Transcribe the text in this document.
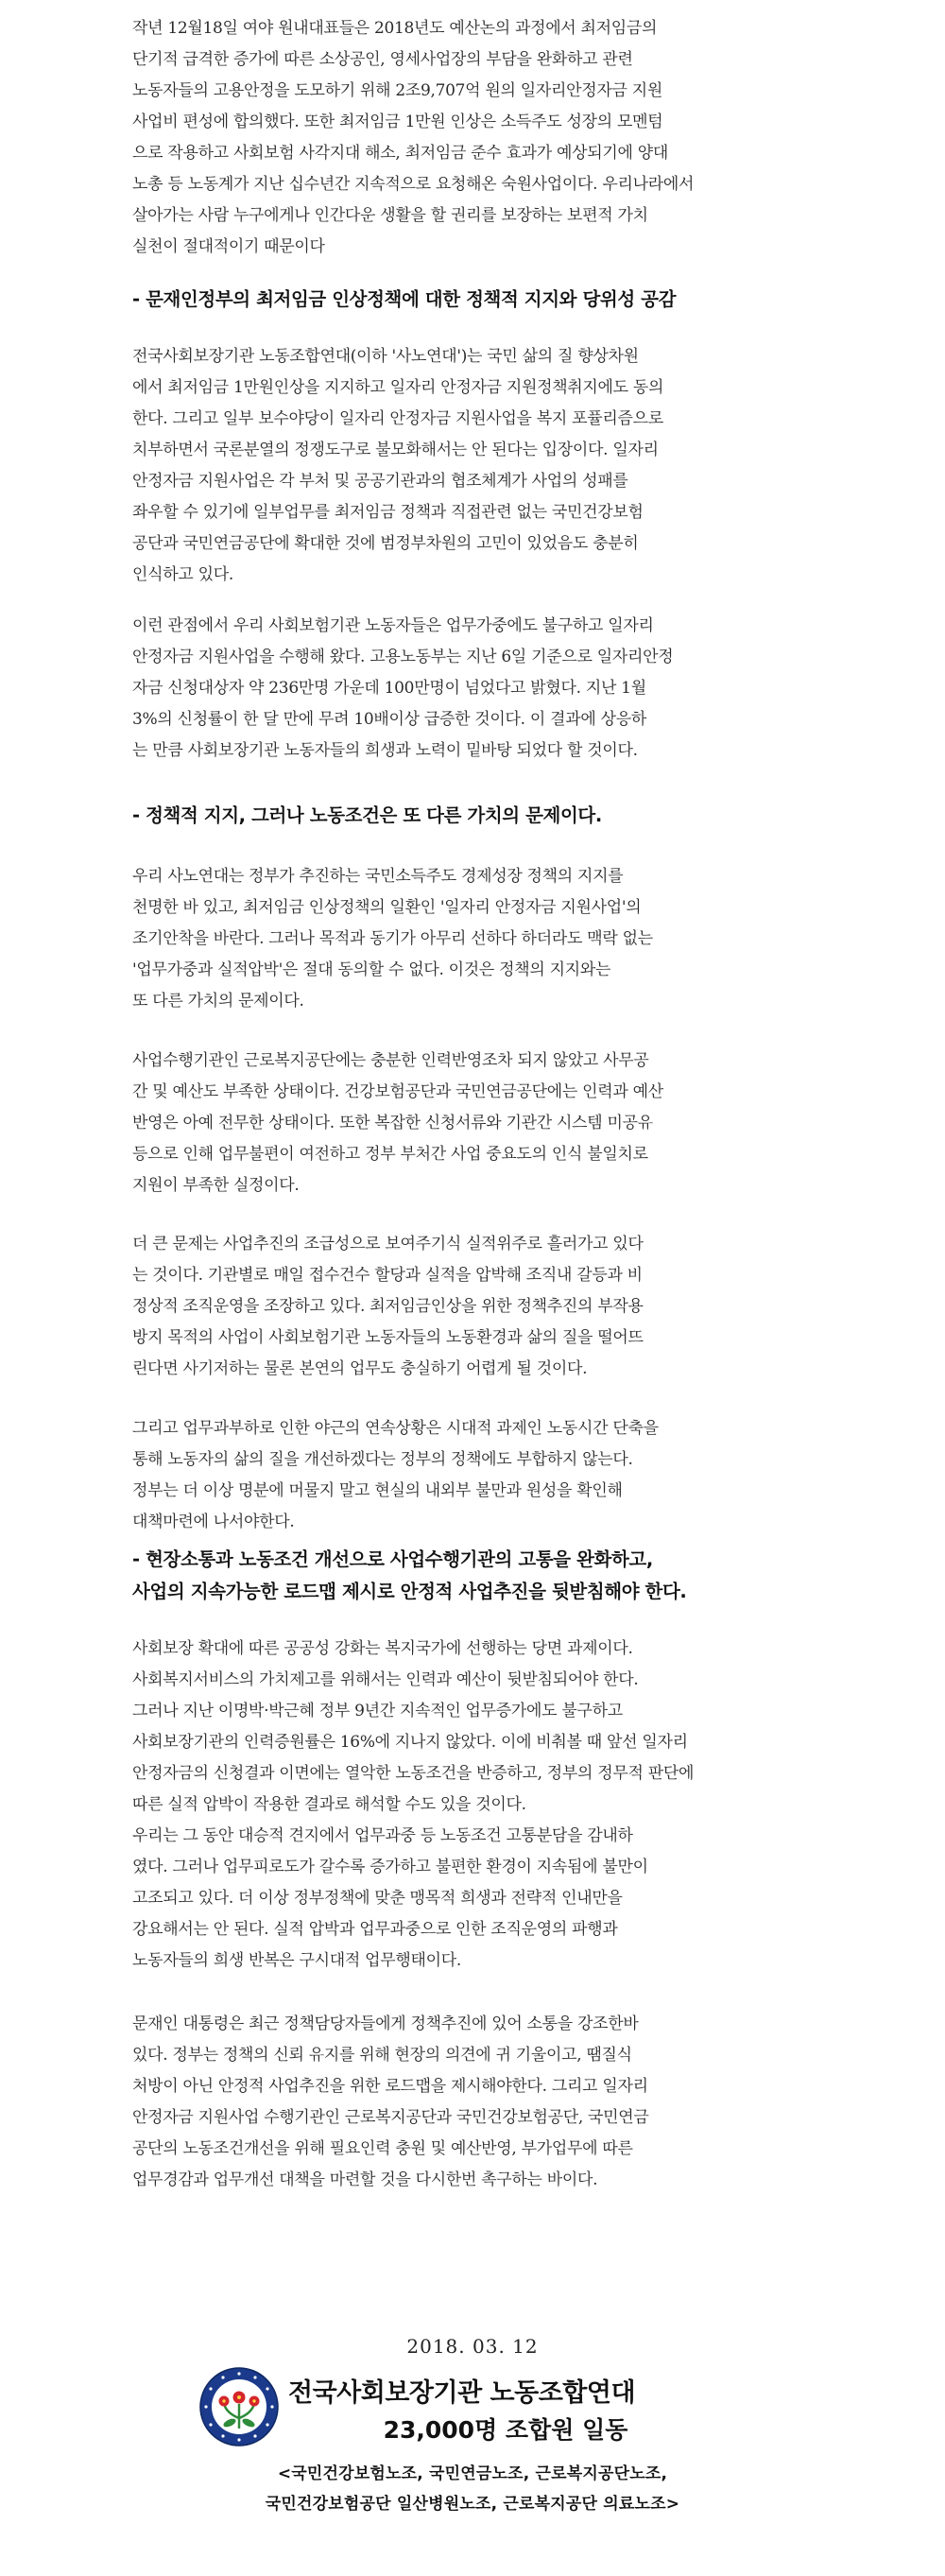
작년 12월18일 여야 원내대표들은 2018년도 예산논의 과정에서 최저임금의
단기적 급격한 증가에 따른 소상공인, 영세사업장의 부담을 완화하고 관련
노동자들의 고용안정을 도모하기 위해 2조9,707억 원의 일자리안정자금 지원
사업비 편성에 합의했다. 또한 최저임금 1만원 인상은 소득주도 성장의 모멘텀
으로 작용하고 사회보험 사각지대 해소, 최저임금 준수 효과가 예상되기에 양대
노총 등 노동계가 지난 십수년간 지속적으로 요청해온 숙원사업이다. 우리나라에서
살아가는 사람 누구에게나 인간다운 생활을 할 권리를 보장하는 보편적 가치
실천이 절대적이기 때문이다
- 문재인정부의 최저임금 인상정책에 대한 정책적 지지와 당위성 공감
전국사회보장기관 노동조합연대(이하 '사노연대')는 국민 삶의 질 향상차원
에서 최저임금 1만원인상을 지지하고 일자리 안정자금 지원정책취지에도 동의
한다. 그리고 일부 보수야당이 일자리 안정자금 지원사업을 복지 포퓰리즘으로
치부하면서 국론분열의 정쟁도구로 불모화해서는 안 된다는 입장이다. 일자리
안정자금 지원사업은 각 부처 및 공공기관과의 협조체계가 사업의 성패를
좌우할 수 있기에 일부업무를 최저임금 정책과 직접관련 없는 국민건강보험
공단과 국민연금공단에 확대한 것에 범정부차원의 고민이 있었음도 충분히
인식하고 있다.
이런 관점에서 우리 사회보험기관 노동자들은 업무가중에도 불구하고 일자리
안정자금 지원사업을 수행해 왔다. 고용노동부는 지난 6일 기준으로 일자리안정
자금 신청대상자 약 236만명 가운데 100만명이 넘었다고 밝혔다. 지난 1월
3%의 신청률이 한 달 만에 무려 10배이상 급증한 것이다. 이 결과에 상응하
는 만큼 사회보장기관 노동자들의 희생과 노력이 밑바탕 되었다 할 것이다.
- 정책적 지지, 그러나 노동조건은 또 다른 가치의 문제이다.
우리 사노연대는 정부가 추진하는 국민소득주도 경제성장 정책의 지지를
천명한 바 있고, 최저임금 인상정책의 일환인 '일자리 안정자금 지원사업'의
조기안착을 바란다. 그러나 목적과 동기가 아무리 선하다 하더라도 맥락 없는
'업무가중과 실적압박'은 절대 동의할 수 없다. 이것은 정책의 지지와는
또 다른 가치의 문제이다.
사업수행기관인 근로복지공단에는 충분한 인력반영조차 되지 않았고 사무공
간 및 예산도 부족한 상태이다. 건강보험공단과 국민연금공단에는 인력과 예산
반영은 아예 전무한 상태이다. 또한 복잡한 신청서류와 기관간 시스템 미공유
등으로 인해 업무불편이 여전하고 정부 부처간 사업 중요도의 인식 불일치로
지원이 부족한 실정이다.
더 큰 문제는 사업추진의 조급성으로 보여주기식 실적위주로 흘러가고 있다
는 것이다. 기관별로 매일 접수건수 할당과 실적을 압박해 조직내 갈등과 비
정상적 조직운영을 조장하고 있다. 최저임금인상을 위한 정책추진의 부작용
방지 목적의 사업이 사회보험기관 노동자들의 노동환경과 삶의 질을 떨어뜨
린다면 사기저하는 물론 본연의 업무도 충실하기 어렵게 될 것이다.
그리고 업무과부하로 인한 야근의 연속상황은 시대적 과제인 노동시간 단축을
통해 노동자의 삶의 질을 개선하겠다는 정부의 정책에도 부합하지 않는다.
정부는 더 이상 명분에 머물지 말고 현실의 내외부 불만과 원성을 확인해
대책마련에 나서야한다.
- 현장소통과 노동조건 개선으로 사업수행기관의 고통을 완화하고,
사업의 지속가능한 로드맵 제시로 안정적 사업추진을 뒷받침해야 한다.
사회보장 확대에 따른 공공성 강화는 복지국가에 선행하는 당면 과제이다.
사회복지서비스의 가치제고를 위해서는 인력과 예산이 뒷받침되어야 한다.
그러나 지난 이명박·박근혜 정부 9년간 지속적인 업무증가에도 불구하고
사회보장기관의 인력증원률은 16%에 지나지 않았다. 이에 비춰볼 때 앞선 일자리
안정자금의 신청결과 이면에는 열악한 노동조건을 반증하고, 정부의 정무적 판단에
따른 실적 압박이 작용한 결과로 해석할 수도 있을 것이다.
우리는 그 동안 대승적 견지에서 업무과중 등 노동조건 고통분담을 감내하
였다. 그러나 업무피로도가 갈수록 증가하고 불편한 환경이 지속됨에 불만이
고조되고 있다. 더 이상 정부정책에 맞춘 맹목적 희생과 전략적 인내만을
강요해서는 안 된다. 실적 압박과 업무과중으로 인한 조직운영의 파행과
노동자들의 희생 반복은 구시대적 업무행태이다.
문재인 대통령은 최근 정책담당자들에게 정책추진에 있어 소통을 강조한바
있다. 정부는 정책의 신뢰 유지를 위해 현장의 의견에 귀 기울이고, 땜질식
처방이 아닌 안정적 사업추진을 위한 로드맵을 제시해야한다. 그리고 일자리
안정자금 지원사업 수행기관인 근로복지공단과 국민건강보험공단, 국민연금
공단의 노동조건개선을 위해 필요인력 충원 및 예산반영, 부가업무에 따른
업무경감과 업무개선 대책을 마련할 것을 다시한번 촉구하는 바이다.
2018. 03. 12
전국사회보장기관 노동조합연대
23,000명 조합원 일동
<국민건강보험노조, 국민연금노조, 근로복지공단노조,
국민건강보험공단 일산병원노조, 근로복지공단 의료노조>
